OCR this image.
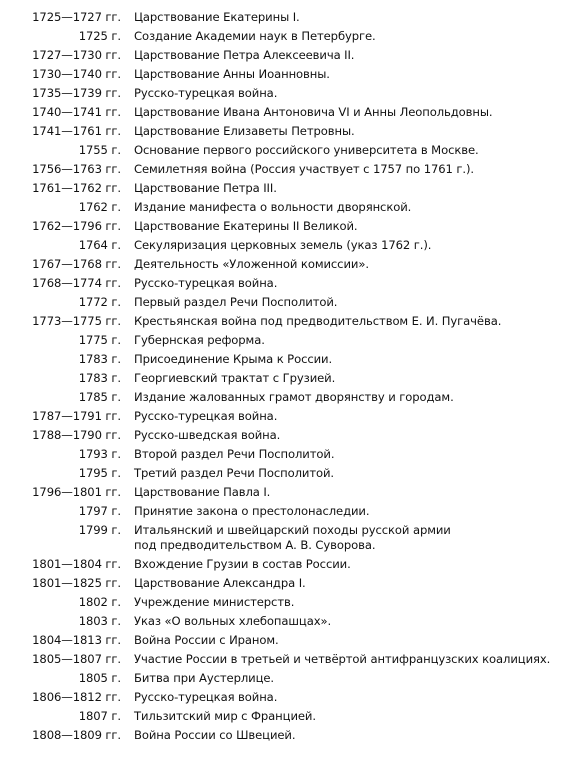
1725—1727 гг. Царствование Екатерины I.
1725 г. Создание Академии наук в Петербурге.
1727—1730 гг. Царствование Петра Алексеевича II.
1730—1740 гг. Царствование Анны Иоанновны.
1735—1739 гг. Русско-турецкая война.
1740—1741 гг. Царствование Ивана Антоновича VI и Анны Леопольдовны.
1741—1761 гг. Царствование Елизаветы Петровны.
1755 г. Основание первого российского университета в Москве.
1756—1763 гг. Семилетняя война (Россия участвует с 1757 по 1761 г.).
1761—1762 гг. Царствование Петра III.
1762 г. Издание манифеста о вольности дворянской.
1762—1796 гг. Царствование Екатерины II Великой.
1764 г. Секуляризация церковных земель (указ 1762 г.).
1767—1768 гг. Деятельность «Уложенной комиссии».
1768—1774 гг. Русско-турецкая война.
1772 г. Первый раздел Речи Посполитой.
1773—1775 гг. Крестьянская война под предводительством Е. И. Пугачёва.
1775 г. Губернская реформа.
1783 г. Присоединение Крыма к России.
1783 г. Георгиевский трактат с Грузией.
1785 г. Издание жалованных грамот дворянству и городам.
1787—1791 гг. Русско-турецкая война.
1788—1790 гг. Русско-шведская война.
1793 г. Второй раздел Речи Посполитой.
1795 г. Третий раздел Речи Посполитой.
1796—1801 гг. Царствование Павла I.
1797 г. Принятие закона о престолонаследии.
1799 г. Итальянский и швейцарский походы русской армии
под предводительством А. В. Суворова.
1801—1804 гг. Вхождение Грузии в состав России.
1801—1825 гг. Царствование Александра I.
1802 г. Учреждение министерств.
1803 г. Указ «О вольных хлебопашцах».
1804—1813 гг. Война России с Ираном.
1805—1807 гг. Участие России в третьей и четвёртой антифранцузских коалициях.
1805 г. Битва при Аустерлице.
1806—1812 гг. Русско-турецкая война.
1807 г. Тильзитский мир с Францией.
1808—1809 гг. Война России со Швецией.
